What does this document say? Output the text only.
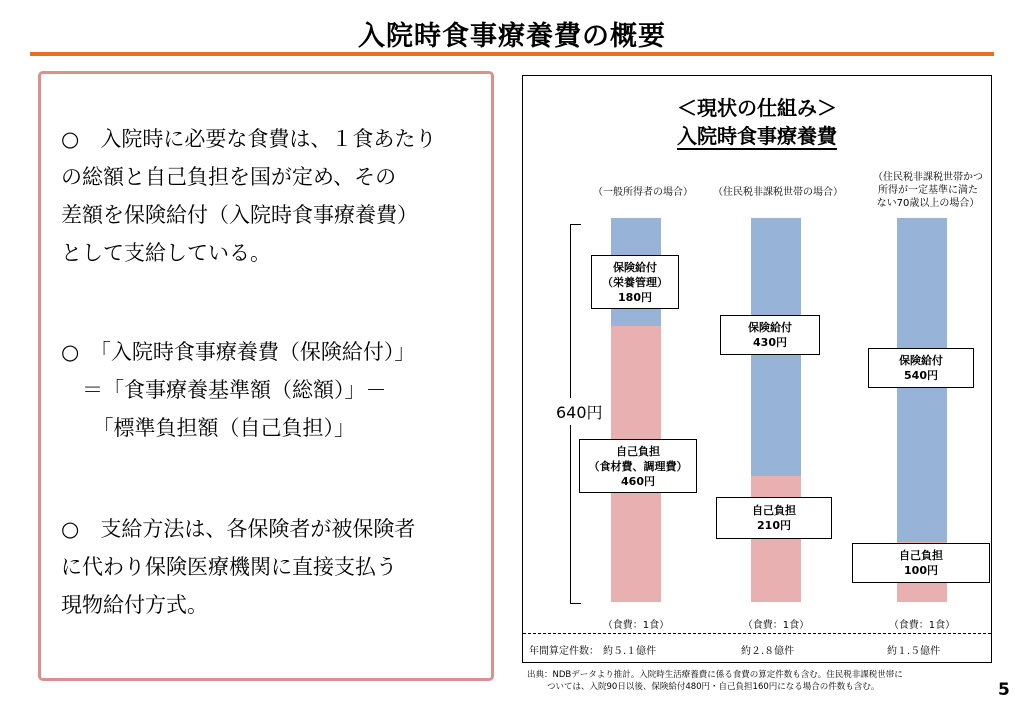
入院時食事療養費の概要
○　入院時に必要な食費は、１食あたり
の総額と自己負担を国が定め、その
差額を保険給付（入院時食事療養費）
として支給している。
○　「入院時食事療養費（保険給付）」
　＝「食事療養基準額（総額）」－
　　「標準負担額（自己負担）」
○　支給方法は、各保険者が被保険者
に代わり保険医療機関に直接支払う
現物給付方式。
＜現状の仕組み＞
入院時食事療養費
（一般所得者の場合）	（住民税非課税世帯の場合）
（住民税非課税世帯かつ
所得が一定基準に満た
ない70歳以上の場合）
640円
保険給付
（栄養管理）
180円
自己負担
（食材費、調理費）
460円
保険給付
430円
自己負担
210円
保険給付
540円
自己負担
100円
（食費：1食）	（食費：1食）	（食費：1食）
年間算定件数： 約５.１億件	約２.８億件	約１.５億件
出典：NDBデータより推計。入院時生活療養費に係る食費の算定件数も含む。住民税非課税世帯に
ついては、入院90日以後、保険給付480円・自己負担160円になる場合の件数も含む。	5
